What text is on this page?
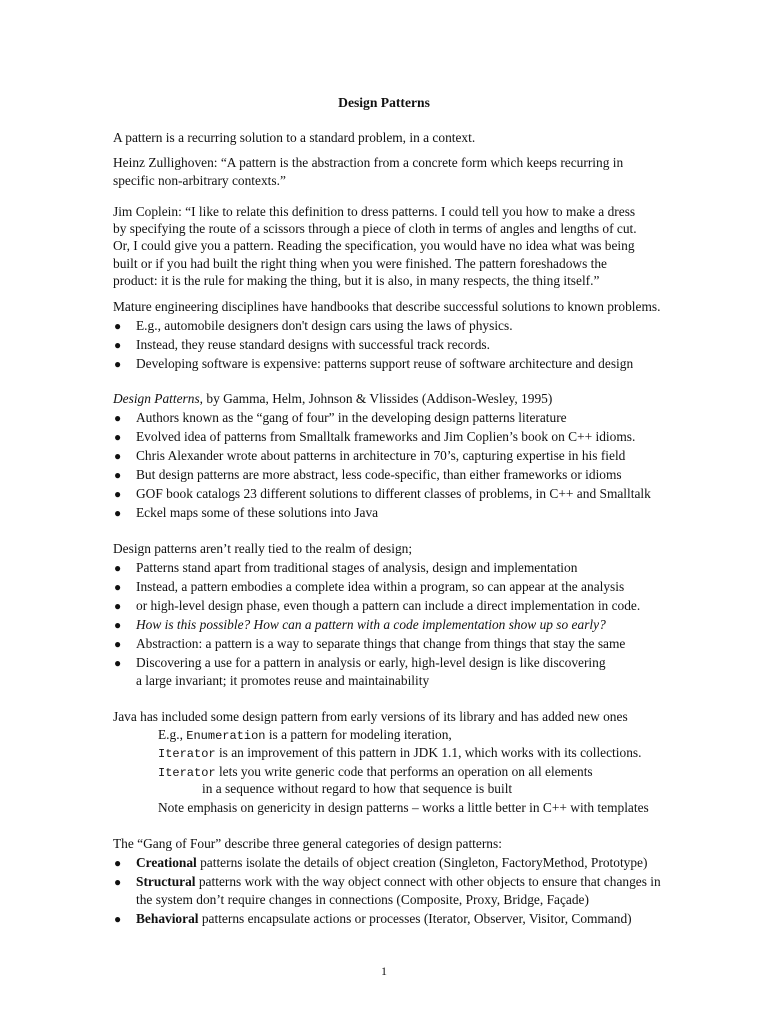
Design Patterns
A pattern is a recurring solution to a standard problem, in a context.
Heinz Zullighoven: “A pattern is the abstraction from a concrete form which keeps recurring in
specific non-arbitrary contexts.”
Jim Coplein: “I like to relate this definition to dress patterns. I could tell you how to make a dress
by specifying the route of a scissors through a piece of cloth in terms of angles and lengths of cut.
Or, I could give you a pattern. Reading the specification, you would have no idea what was being
built or if you had built the right thing when you were finished. The pattern foreshadows the
product: it is the rule for making the thing, but it is also, in many respects, the thing itself.”
Mature engineering disciplines have handbooks that describe successful solutions to known problems.
● E.g., automobile designers don't design cars using the laws of physics.
● Instead, they reuse standard designs with successful track records.
● Developing software is expensive: patterns support reuse of software architecture and design
Design Patterns, by Gamma, Helm, Johnson & Vlissides (Addison-Wesley, 1995)
● Authors known as the “gang of four” in the developing design patterns literature
● Evolved idea of patterns from Smalltalk frameworks and Jim Coplien’s book on C++ idioms.
● Chris Alexander wrote about patterns in architecture in 70’s, capturing expertise in his field
● But design patterns are more abstract, less code-specific, than either frameworks or idioms
● GOF book catalogs 23 different solutions to different classes of problems, in C++ and Smalltalk
● Eckel maps some of these solutions into Java
Design patterns aren’t really tied to the realm of design;
● Patterns stand apart from traditional stages of analysis, design and implementation
● Instead, a pattern embodies a complete idea within a program, so can appear at the analysis
● or high-level design phase, even though a pattern can include a direct implementation in code.
● How is this possible? How can a pattern with a code implementation show up so early?
● Abstraction: a pattern is a way to separate things that change from things that stay the same
● Discovering a use for a pattern in analysis or early, high-level design is like discovering
a large invariant; it promotes reuse and maintainability
Java has included some design pattern from early versions of its library and has added new ones
E.g., Enumeration is a pattern for modeling iteration,
Iterator is an improvement of this pattern in JDK 1.1, which works with its collections.
Iterator lets you write generic code that performs an operation on all elements
in a sequence without regard to how that sequence is built
Note emphasis on genericity in design patterns – works a little better in C++ with templates
The “Gang of Four” describe three general categories of design patterns:
● Creational patterns isolate the details of object creation (Singleton, FactoryMethod, Prototype)
● Structural patterns work with the way object connect with other objects to ensure that changes in
the system don’t require changes in connections (Composite, Proxy, Bridge, Façade)
● Behavioral patterns encapsulate actions or processes (Iterator, Observer, Visitor, Command)
1
